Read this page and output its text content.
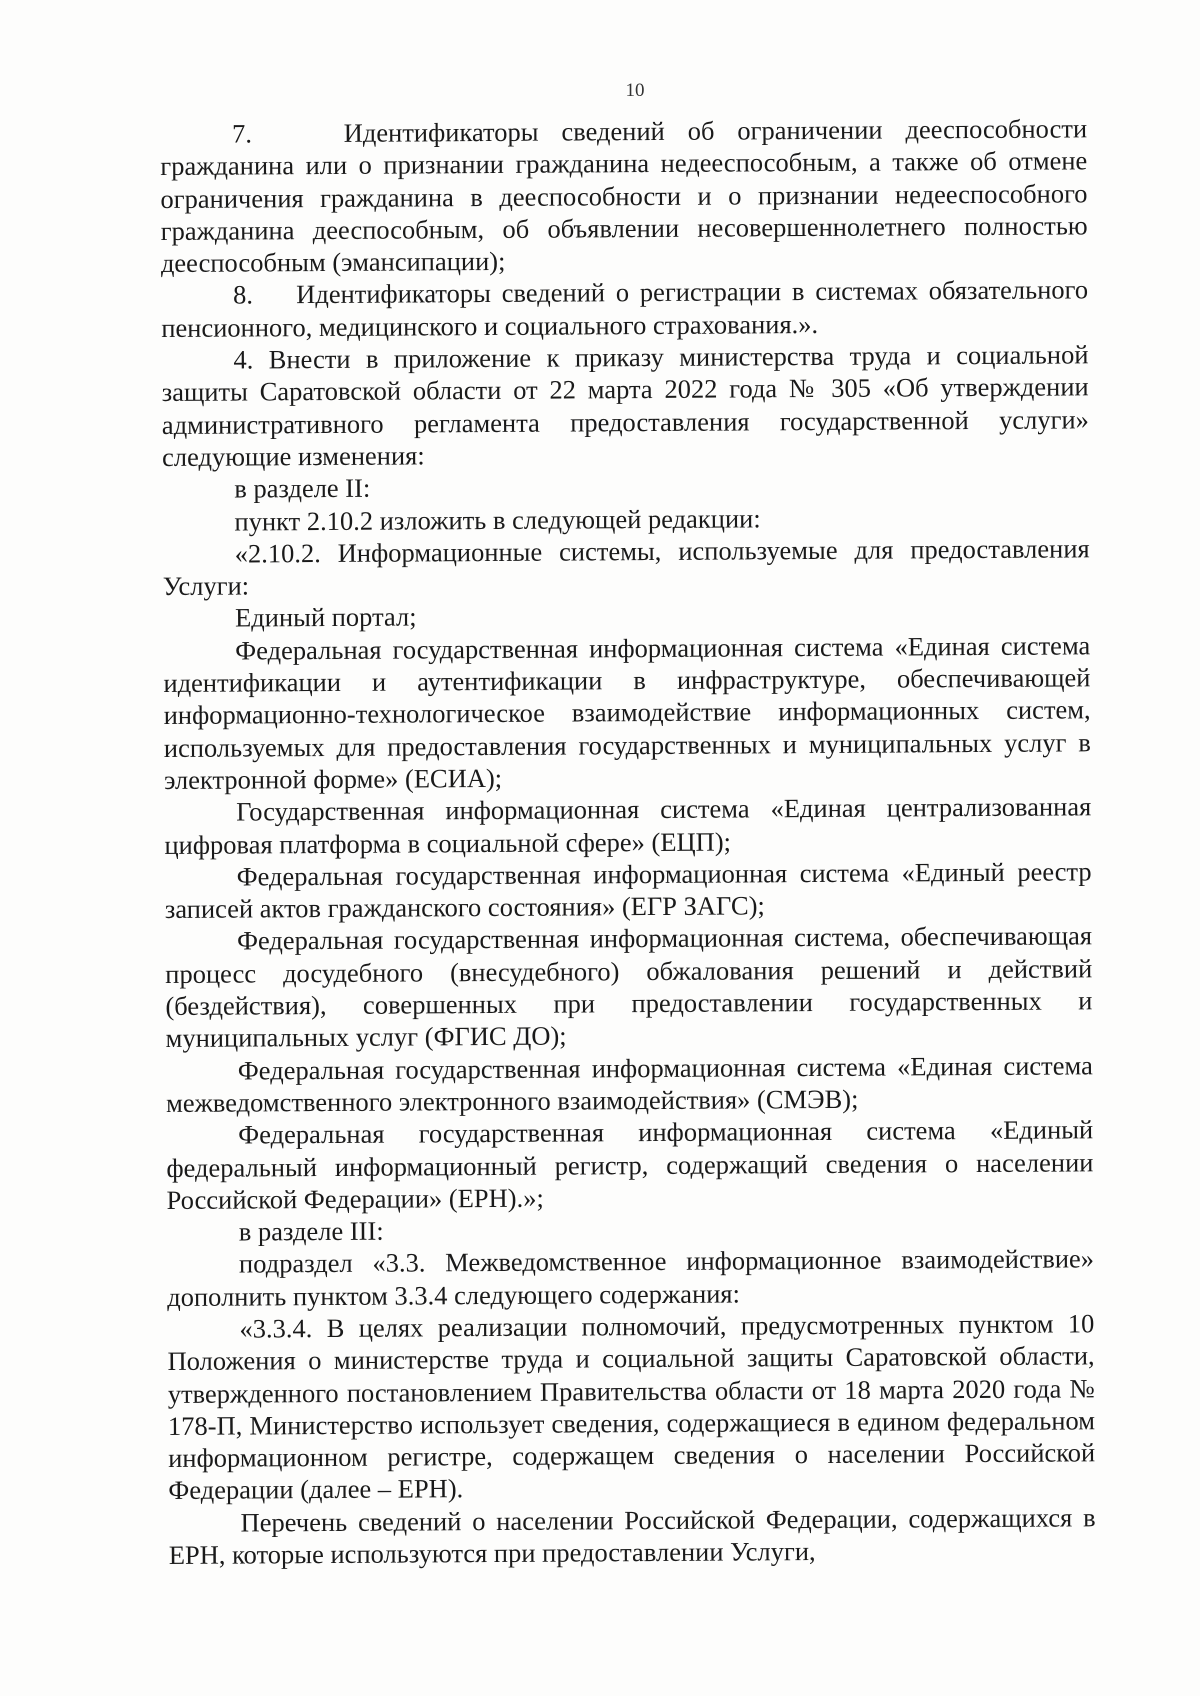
10

7.    Идентификаторы сведений об ограничении дееспособности гражданина или о признании гражданина недееспособным, а также об отмене ограничения гражданина в дееспособности и о признании недееспособного гражданина дееспособным, об объявлении несовершеннолетнего полностью дееспособным (эмансипации);

8.    Идентификаторы сведений о регистрации в системах обязательного пенсионного, медицинского и социального страхования.».

4. Внести в приложение к приказу министерства труда и социальной защиты Саратовской области от 22 марта 2022 года № 305 «Об утверждении административного регламента предоставления государственной услуги» следующие изменения:

в разделе II:

пункт 2.10.2 изложить в следующей редакции:

«2.10.2. Информационные системы, используемые для предоставления Услуги:

Единый портал;

Федеральная государственная информационная система «Единая система идентификации и аутентификации в инфраструктуре, обеспечивающей информационно-технологическое взаимодействие информационных систем, используемых для предоставления государственных и муниципальных услуг в электронной форме» (ЕСИА);

Государственная информационная система «Единая централизованная цифровая платформа в социальной сфере» (ЕЦП);

Федеральная государственная информационная система «Единый реестр записей актов гражданского состояния» (ЕГР ЗАГС);

Федеральная государственная информационная система, обеспечивающая процесс досудебного (внесудебного) обжалования решений и действий (бездействия), совершенных при предоставлении государственных и муниципальных услуг (ФГИС ДО);

Федеральная государственная информационная система «Единая система межведомственного электронного взаимодействия» (СМЭВ);

Федеральная государственная информационная система «Единый федеральный информационный регистр, содержащий сведения о населении Российской Федерации» (ЕРН).»;

в разделе III:

подраздел «3.3. Межведомственное информационное взаимодействие» дополнить пунктом 3.3.4 следующего содержания:

«3.3.4. В целях реализации полномочий, предусмотренных пунктом 10 Положения о министерстве труда и социальной защиты Саратовской области, утвержденного постановлением Правительства области от 18 марта 2020 года № 178-П, Министерство использует сведения, содержащиеся в едином федеральном информационном регистре, содержащем сведения о населении Российской Федерации (далее – ЕРН).

Перечень сведений о населении Российской Федерации, содержащихся в ЕРН, которые используются при предоставлении Услуги,
